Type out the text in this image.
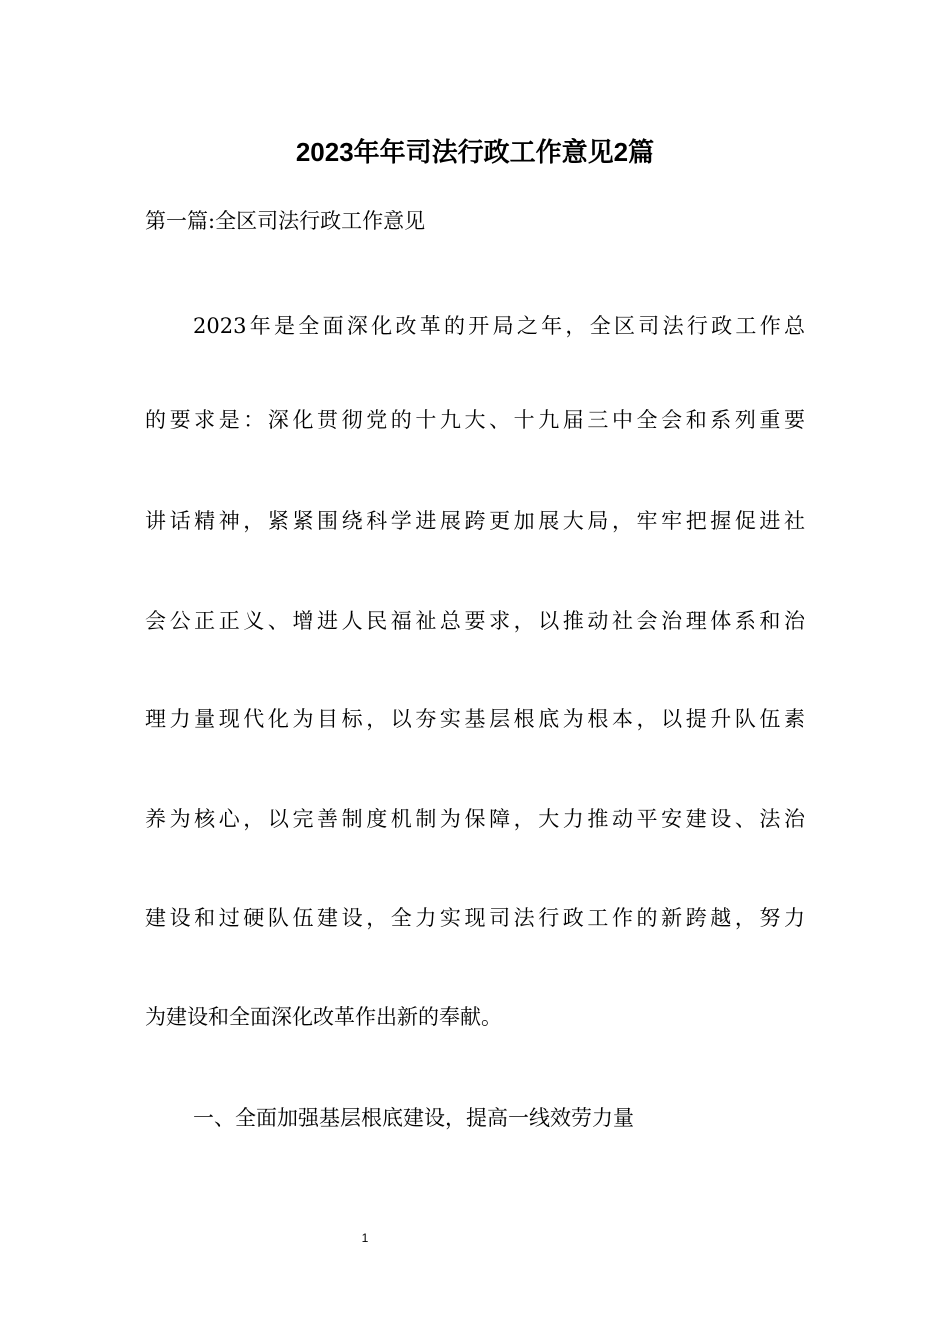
2023年年司法行政工作意见2篇

第一篇:全区司法行政工作意见

2023年是全面深化改革的开局之年，全区司法行政工作总

的要求是：深化贯彻党的十九大、十九届三中全会和系列重要

讲话精神，紧紧围绕科学进展跨更加展大局，牢牢把握促进社

会公正正义、增进人民福祉总要求，以推动社会治理体系和治

理力量现代化为目标，以夯实基层根底为根本，以提升队伍素

养为核心，以完善制度机制为保障，大力推动平安建设、法治

建设和过硬队伍建设，全力实现司法行政工作的新跨越，努力

为建设和全面深化改革作出新的奉献。

一、全面加强基层根底建设，提高一线效劳力量

1
